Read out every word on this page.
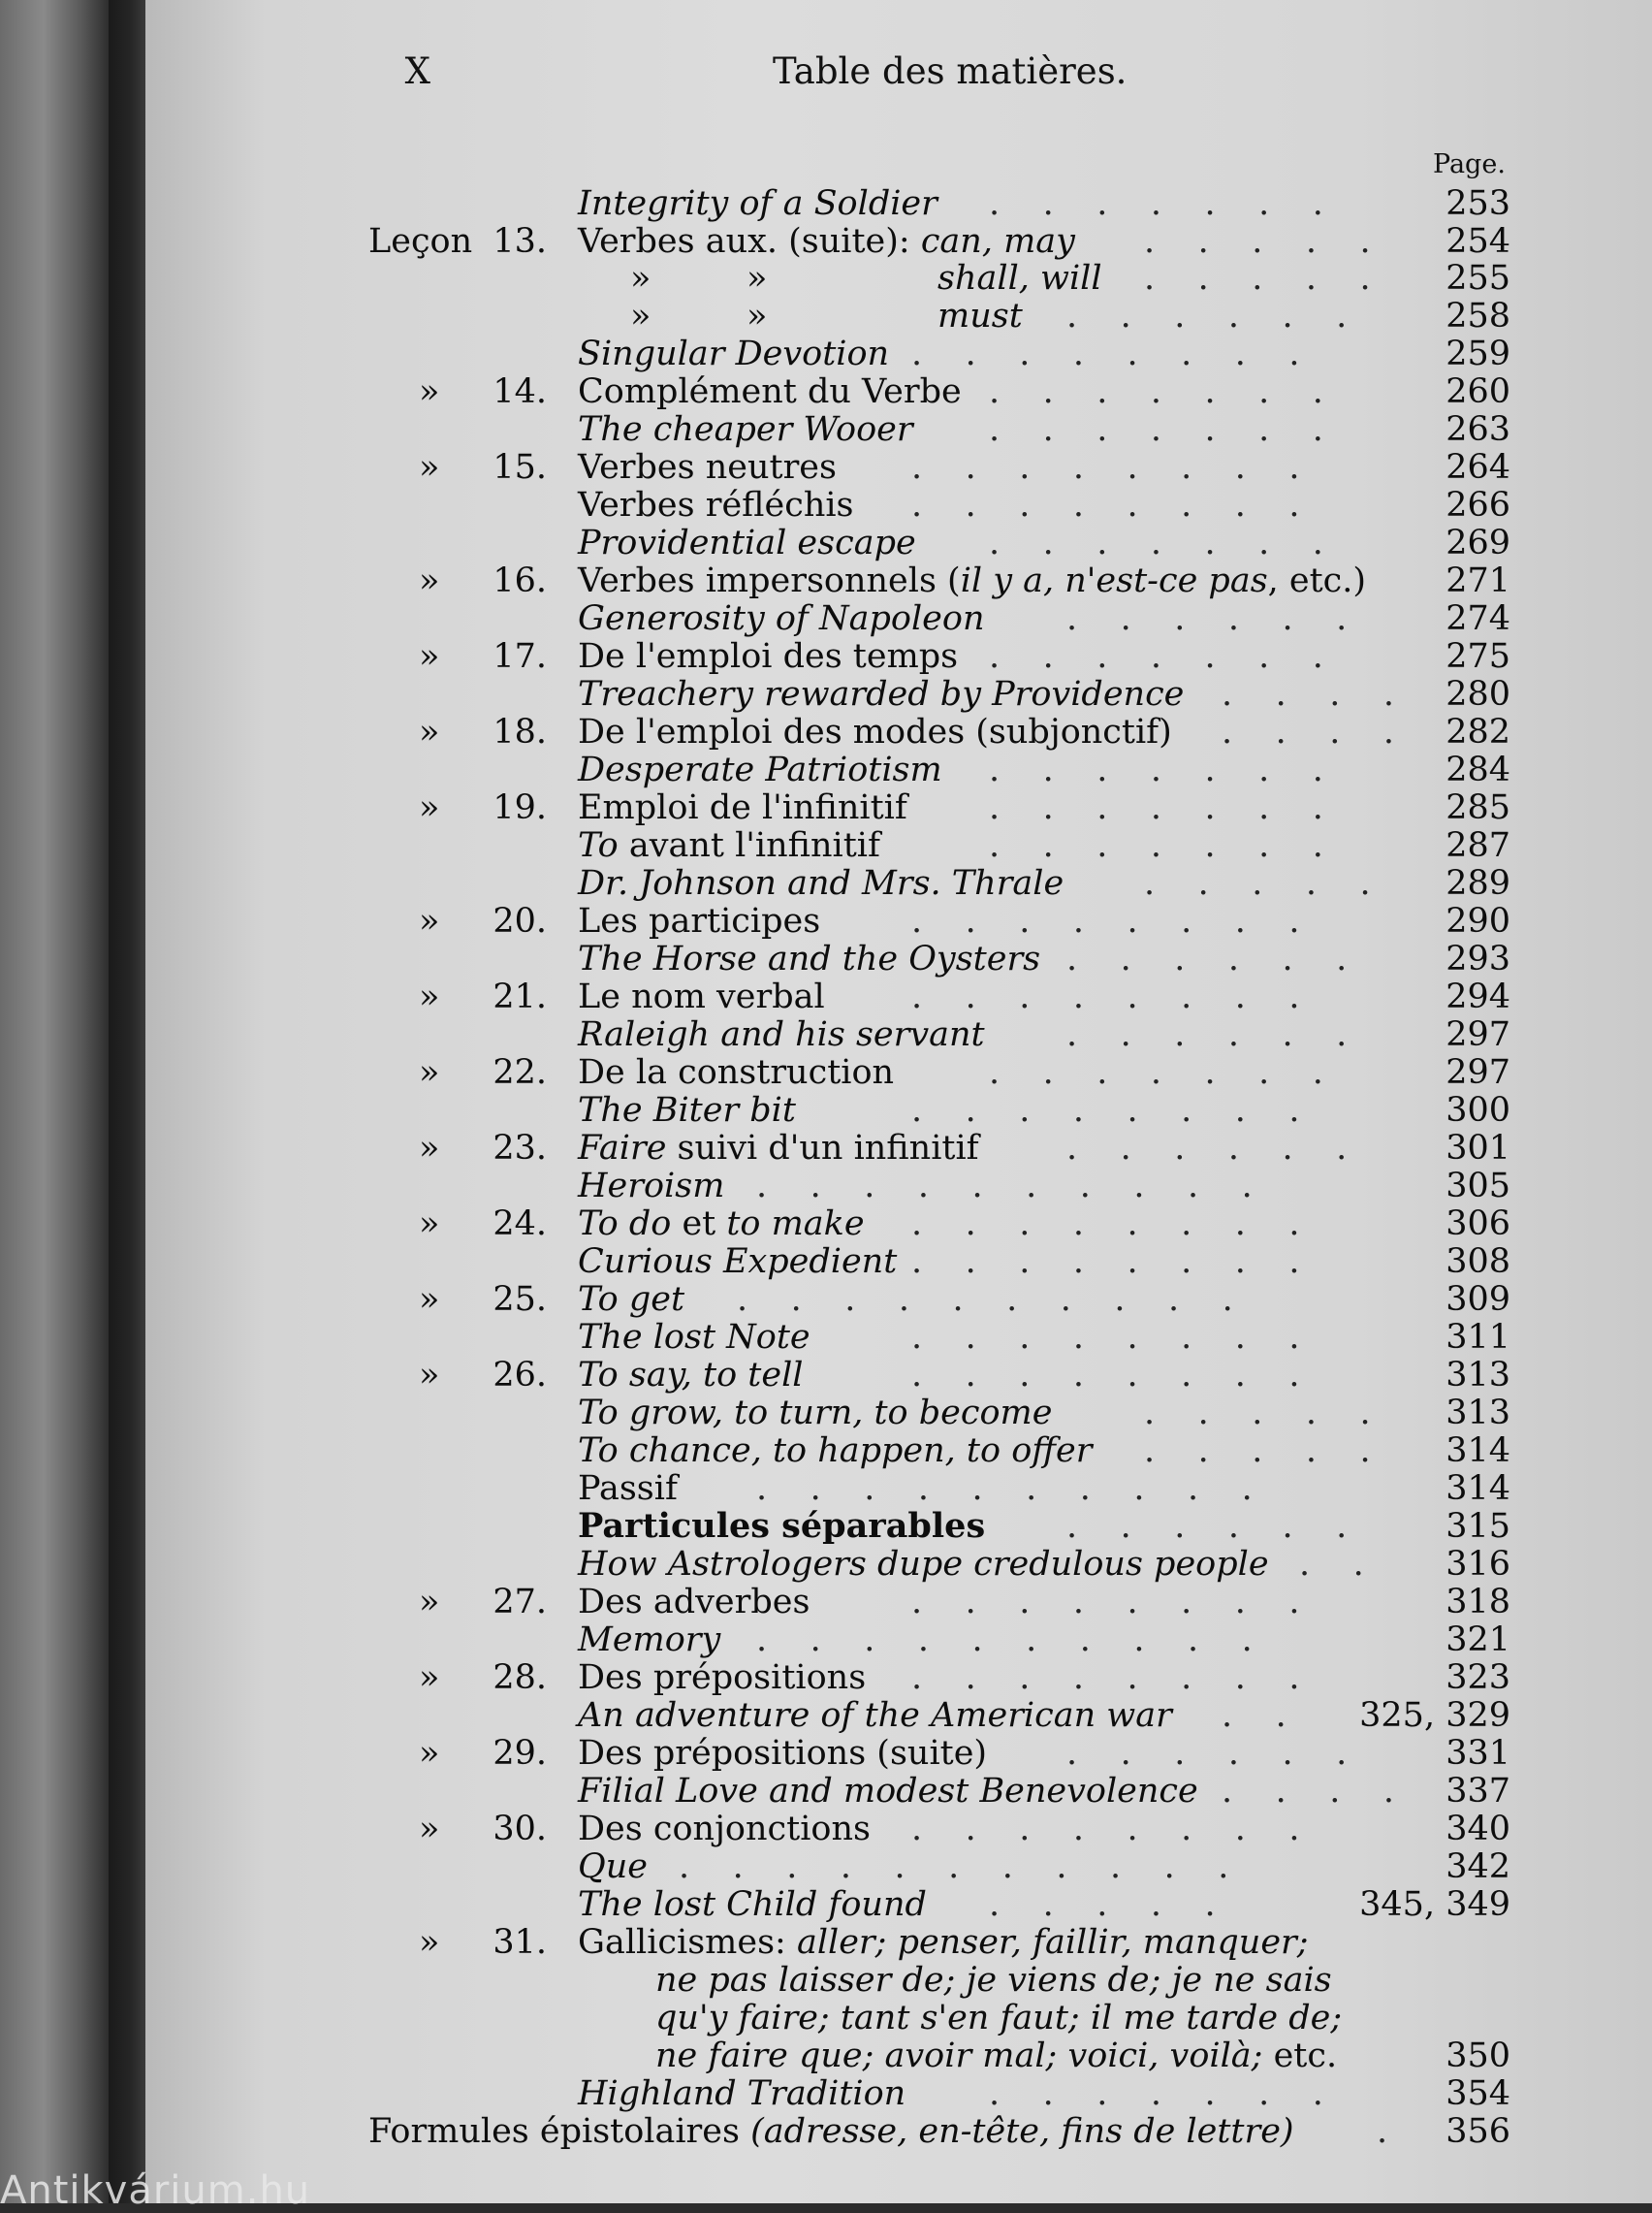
X	Table des matières.
Page.
Integrity of a Soldier .    .    .    .    .    .    .	253
Leçon 13. Verbes aux. (suite): can, may .    .    .    .    .	254
»	»	shall, will .    .    .    .    .	255
»	»	must .    .    .    .    .    .	258
Singular Devotion .    .    .    .    .    .    .    .	259
» 14. Complément du Verbe .    .    .    .    .    .    .	260
The cheaper Wooer .    .    .    .    .    .    .	263
» 15. Verbes neutres .    .    .    .    .    .    .    .	264
Verbes réfléchis .    .    .    .    .    .    .    .	266
Providential escape .    .    .    .    .    .    .	269
» 16. Verbes impersonnels (il y a, n'est-ce pas, etc.)	271
Generosity of Napoleon .    .    .    .    .    .	274
» 17. De l'emploi des temps .    .    .    .    .    .    .	275
Treachery rewarded by Providence .    .    .    .	280
» 18. De l'emploi des modes (subjonctif) .    .    .    .	282
Desperate Patriotism .    .    .    .    .    .    .	284
» 19. Emploi de l'infinitif .    .    .    .    .    .    .	285
To avant l'infinitif	.    .    .    .    .    .    .	287
Dr. Johnson and Mrs. Thrale .    .    .    .    .	289
» 20. Les participes	.    .    .    .    .    .    .    .	290
The Horse and the Oysters .    .    .    .    .    .	293
» 21. Le nom verbal	.    .    .    .    .    .    .    .	294
Raleigh and his servant .    .    .    .    .    .	297
» 22. De la construction	.    .    .    .    .    .    .	297
The Biter bit	.    .    .    .    .    .    .    .	300
» 23. Faire suivi d'un infinitif	.    .    .    .    .    .	301
Heroism .    .    .    .    .    .    .    .    .    .	305
» 24. To do et to make .    .    .    .    .    .    .    .	306
Curious Expedient .    .    .    .    .    .    .    .	308
» 25. To get .    .    .    .    .    .    .    .    .    .	309
The lost Note	.    .    .    .    .    .    .    .	311
» 26. To say, to tell	.    .    .    .    .    .    .    .	313
To grow, to turn, to become	.    .    .    .    .	313
To chance, to happen, to offer .    .    .    .    .	314
Passif .    .    .    .    .    .    .    .    .    .	314
Particules séparables .    .    .    .    .    .	315
How Astrologers dupe credulous people .    .	316
» 27. Des adverbes	.    .    .    .    .    .    .    .	318
Memory .    .    .    .    .    .    .    .    .    .	321
» 28. Des prépositions .    .    .    .    .    .    .    .	323
An adventure of the American war .    . 325, 329
» 29. Des prépositions (suite) .    .    .    .    .    .	331
Filial Love and modest Benevolence .    .    .    .	337
» 30. Des conjonctions .    .    .    .    .    .    .    .	340
Que .    .    .    .    .    .    .    .    .    .    .	342
The lost Child found .    .    .    .    .	345, 349
» 31. Gallicismes: aller; penser, faillir, manquer;
ne pas laisser de; je viens de; je ne sais
qu'y faire; tant s'en faut; il me tarde de;
ne faire que; avoir mal; voici, voilà; etc.	350
Highland Tradition .    .    .    .    .    .    .	354
Formules épistolaires (adresse, en-tête, fins de lettre) .	356
Antikvárium.hu
